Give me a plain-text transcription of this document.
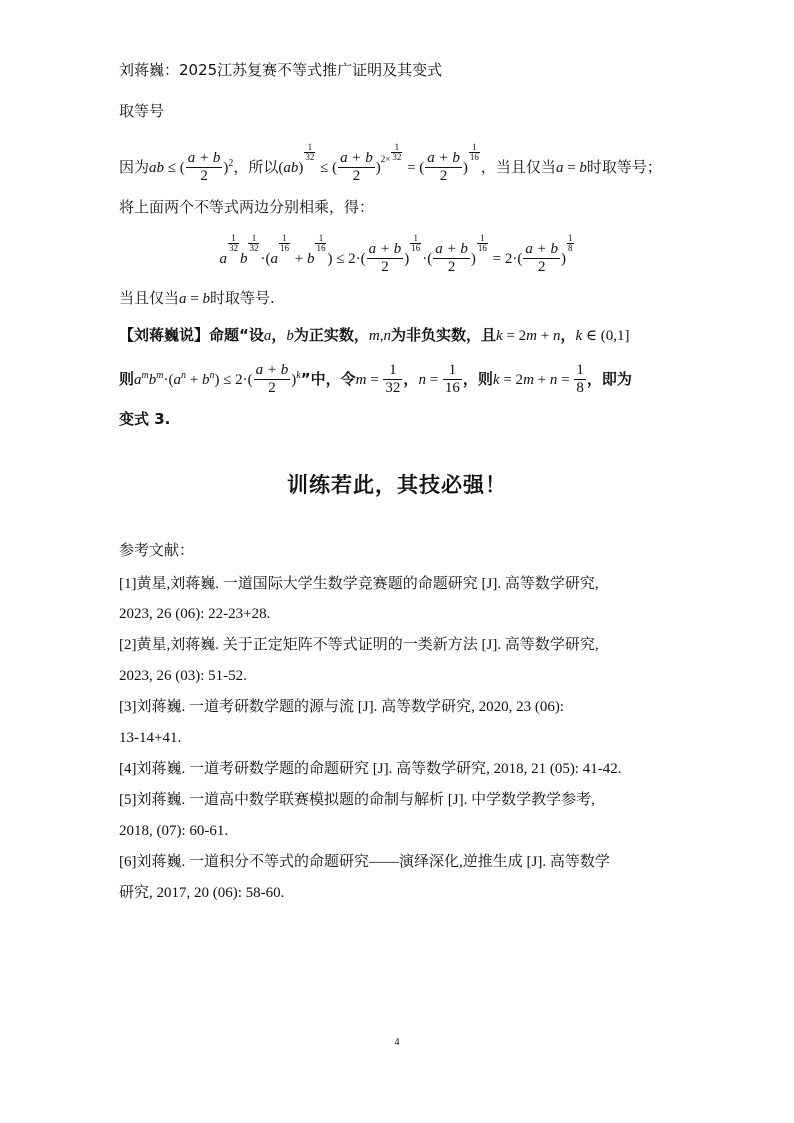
刘蒋巍：2025江苏复赛不等式推广证明及其变式
取等号
因为ab ≤ ( $\frac{a + b}{2} )^2$，所以(ab)
$\frac{1}{32}$
≤ ( $\frac{a + b}{2} )2\times \frac{1}{32}$
= ( $\frac{a + b}{2}$ )
$\frac{1}{16}$
，当且仅当a = b时取等号；
将上面两个不等式两边分别相乘，得：
a
$\frac{1}{32}$
b
$\frac{1}{32}$
·(a
$\frac{1}{16}$
+ b
$\frac{1}{16}$
) ≤ $2\cdot( \frac{a + b}{2}$ )
$\frac{1}{16}$
·( $\frac{a + b}{2}$ )
$\frac{1}{16}$
= $2\cdot( \frac{a + b}{2}$ )
$\frac{1}{8}$
当且仅当a = b时取等号.
【刘蒋巍说】命题“设a，b为正实数，m,n为非负实数，且k = 2m + n，k ∈ (0,1]
则$a^mb^m\cdot(a^n + b^n) \le 2\cdot( \frac{a + b}{2} )^k$”中，令$m = \frac{1}{32}$ ，$n = \frac{1}{16}$ ，则$k = 2m + n = \frac{1}{8}$ ，即为
变式 3.
训练若此，其技必强！
参考文献：
[1]黄星,刘蒋巍. 一道国际大学生数学竞赛题的命题研究 [J]. 高等数学研究,
2023, 26 (06): 22-23+28.
[2]黄星,刘蒋巍. 关于正定矩阵不等式证明的一类新方法 [J]. 高等数学研究,
2023, 26 (03): 51-52.
[3]刘蒋巍. 一道考研数学题的源与流 [J]. 高等数学研究, 2020, 23 (06):
13-14+41.
[4]刘蒋巍. 一道考研数学题的命题研究 [J]. 高等数学研究, 2018, 21 (05): 41-42.
[5]刘蒋巍. 一道高中数学联赛模拟题的命制与解析 [J]. 中学数学教学参考,
2018, (07): 60-61.
[6]刘蒋巍. 一道积分不等式的命题研究——演绎深化,逆推生成 [J]. 高等数学
研究, 2017, 20 (06): 58-60.
4
